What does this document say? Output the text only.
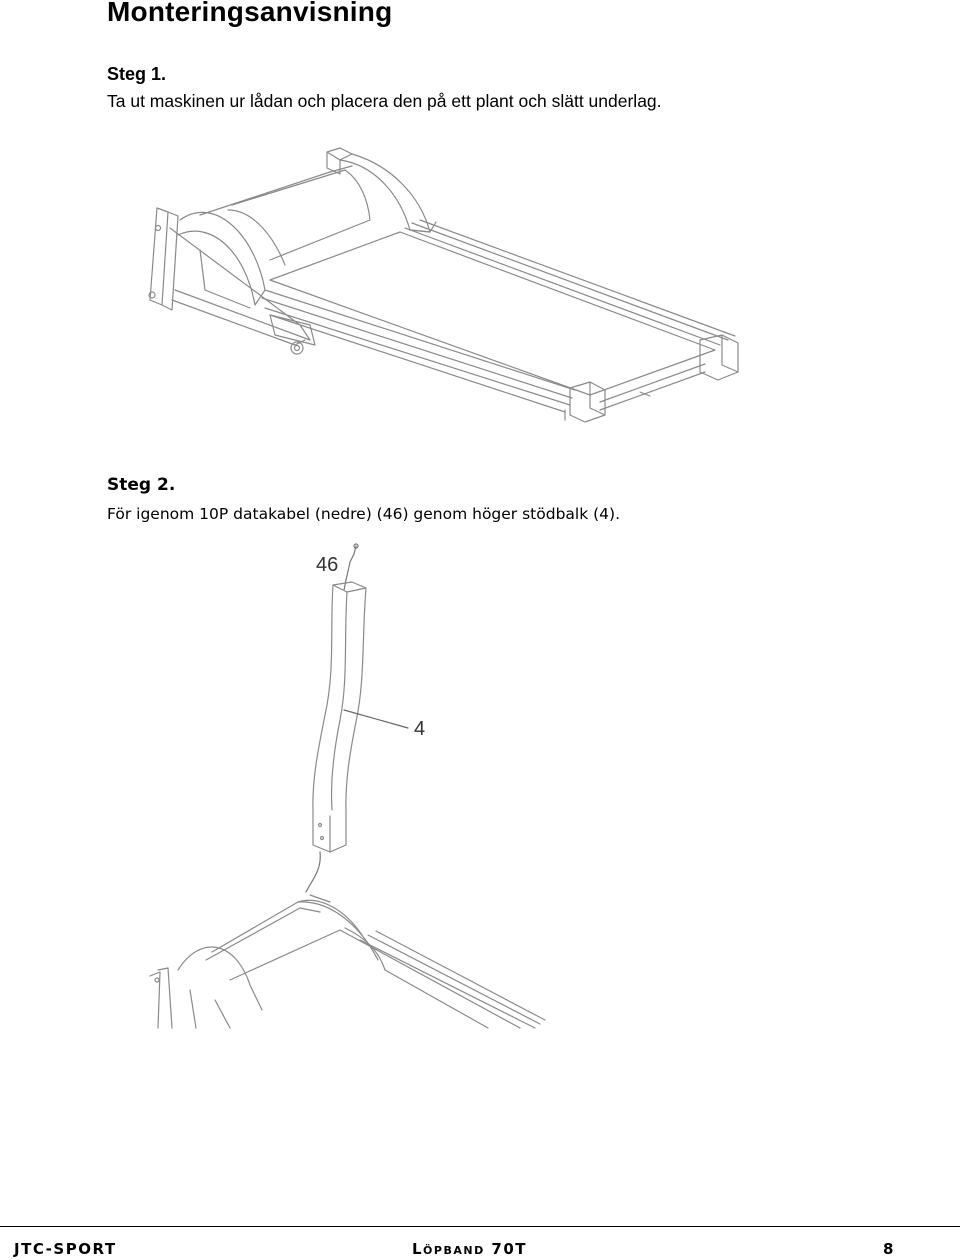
Monteringsanvisning

Steg 1.

Ta ut maskinen ur lådan och placera den på ett plant och slätt underlag.

Steg 2.

För igenom 10P datakabel (nedre) (46) genom höger stödbalk (4).

46
4

JTC-SPORT	Löpband 70T	8
